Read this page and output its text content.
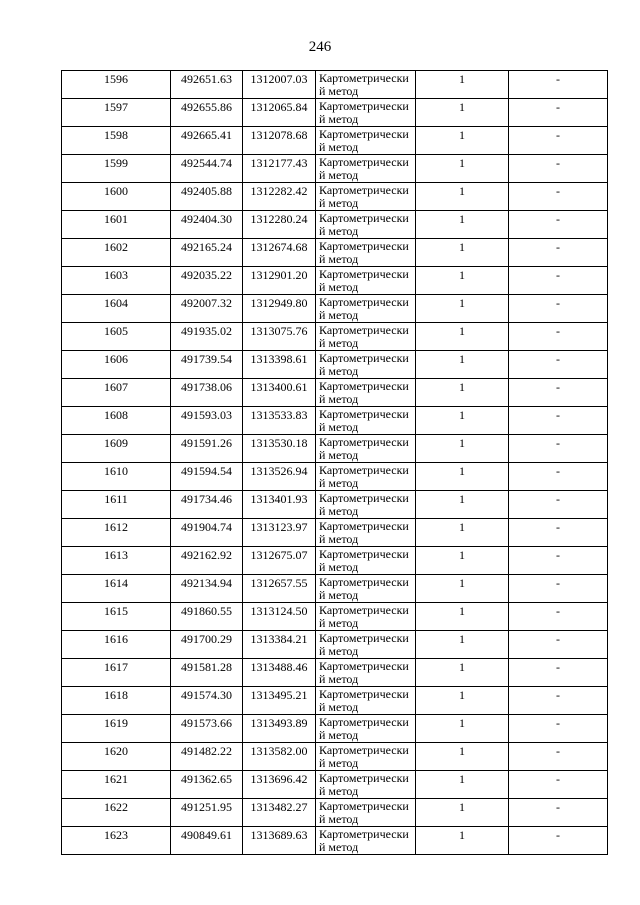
246
1596	492651.63	1312007.03	Картометрически й метод	1	-

1597	492655.86	1312065.84	Картометрически й метод	1	-

1598	492665.41	1312078.68	Картометрически й метод	1	-

1599	492544.74	1312177.43	Картометрически й метод	1	-

1600	492405.88	1312282.42	Картометрически й метод	1	-

1601	492404.30	1312280.24	Картометрически й метод	1	-

1602	492165.24	1312674.68	Картометрически й метод	1	-

1603	492035.22	1312901.20	Картометрически й метод	1	-

1604	492007.32	1312949.80	Картометрически й метод	1	-

1605	491935.02	1313075.76	Картометрически й метод	1	-

1606	491739.54	1313398.61	Картометрически й метод	1	-

1607	491738.06	1313400.61	Картометрически й метод	1	-

1608	491593.03	1313533.83	Картометрически й метод	1	-

1609	491591.26	1313530.18	Картометрически й метод	1	-

1610	491594.54	1313526.94	Картометрически й метод	1	-

1611	491734.46	1313401.93	Картометрически й метод	1	-

1612	491904.74	1313123.97	Картометрически й метод	1	-

1613	492162.92	1312675.07	Картометрически й метод	1	-

1614	492134.94	1312657.55	Картометрически й метод	1	-

1615	491860.55	1313124.50	Картометрически й метод	1	-

1616	491700.29	1313384.21	Картометрически й метод	1	-

1617	491581.28	1313488.46	Картометрически й метод	1	-

1618	491574.30	1313495.21	Картометрически й метод	1	-

1619	491573.66	1313493.89	Картометрически й метод	1	-

1620	491482.22	1313582.00	Картометрически й метод	1	-

1621	491362.65	1313696.42	Картометрически й метод	1	-

1622	491251.95	1313482.27	Картометрически й метод	1	-

1623	490849.61	1313689.63	Картометрически й метод	1	-
